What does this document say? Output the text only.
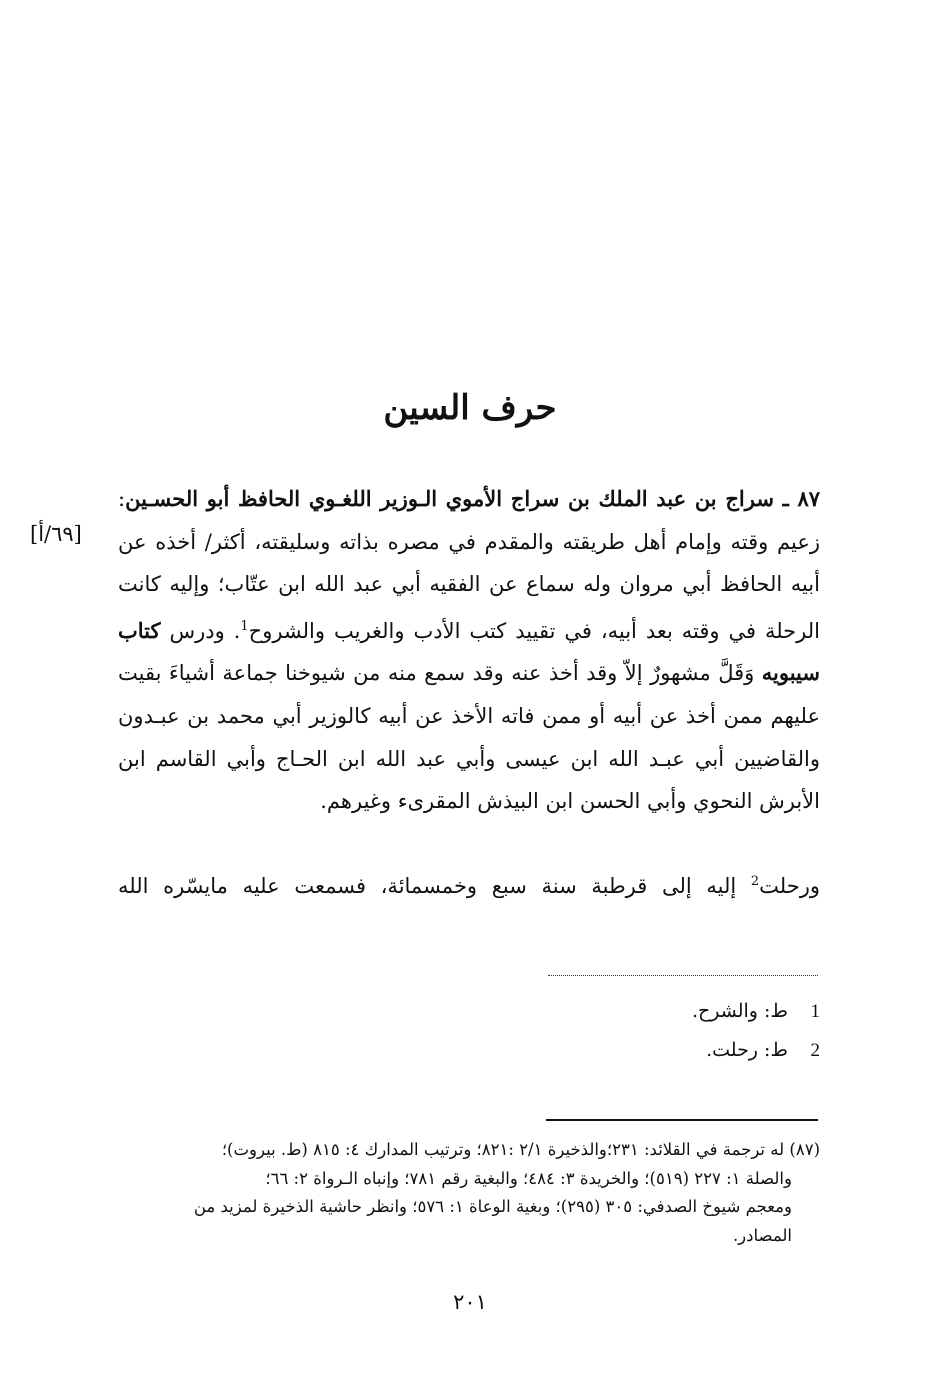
حرف السين
[٦٩/أ]
٨٧ ـ سراج بن عبد الملك بن سراج الأموي الـوزير اللغـوي الحافظ أبو الحسـين: زعيم وقته وإمام أهل طريقته والمقدم في مصره بذاته وسليقته، أكثر/ أخذه عن أبيه الحافظ أبي مروان وله سماع عن الفقيه أبي عبد الله ابن عتّاب؛ وإليه كانت الرحلة في وقته بعد أبيه، في تقييد كتب الأدب والغريب والشروح$^1$. ودرس كتاب سيبويه وَقَلَّ مشهورٌ إلاّ وقد أخذ عنه وقد سمع منه من شيوخنا جماعة أشياءَ بقيت عليهم ممن أخذ عن أبيه أو ممن فاته الأخذ عن أبيه كالوزير أبي محمد بن عبـدون والقاضيين أبي عبـد الله ابن عيسى وأبي عبد الله ابن الحـاج وأبي القاسم ابن الأبرش النحوي وأبي الحسن ابن البيذش المقرىء وغيرهم.
ورحلت$^2$ إليه إلى قرطبة سنة سبع وخمسمائة، فسمعت عليه مايسّره الله
1ط: والشرح.
2ط: رحلت.
(٨٧) له ترجمة في القلائد: ٢٣١؛والذخيرة ٢/١ :٨٢١؛ وترتيب المدارك ٤: ٨١٥ (ط. بيروت)؛
والصلة ١: ٢٢٧ (٥١٩)؛ والخريدة ٣: ٤٨٤؛ والبغية رقم ٧٨١؛ وإنباه الـرواة ٢: ٦٦؛
ومعجم شيوخ الصدفي: ٣٠٥ (٢٩٥)؛ وبغية الوعاة ١: ٥٧٦؛ وانظر حاشية الذخيرة لمزيد من
المصادر.
٢٠١
